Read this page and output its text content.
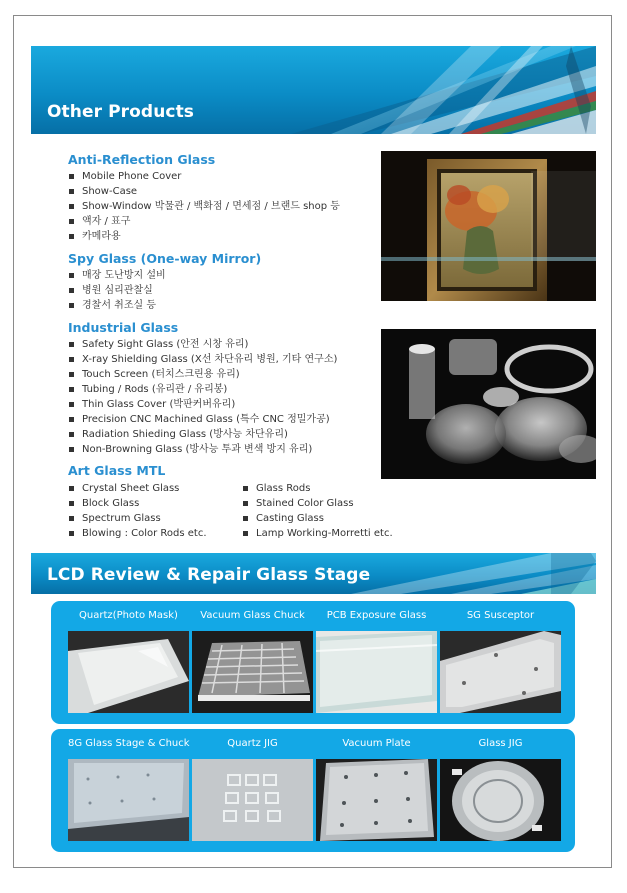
Other Products
Anti-Reflection Glass
Mobile Phone Cover
Show-Case
Show-Window 박물관 / 백화점 / 면세점 / 브랜드 shop 등
액자 / 표구
카메라용
Spy Glass (One-way Mirror)
매장 도난방지 설비
병원 심리관찰실
경찰서 취조실 등
Industrial Glass
Safety Sight Glass (안전 시창 유리)
X-ray Shielding Glass (X선 차단유리 병원, 기타 연구소)
Touch Screen (터치스크린용 유리)
Tubing / Rods (유리관 / 유리봉)
Thin Glass Cover (박판커버유리)
Precision CNC Machined Glass (특수 CNC 정밀가공)
Radiation Shieding Glass (방사능 차단유리)
Non-Browning Glass (방사능 투과 변색 방지 유리)
Art Glass MTL
Crystal Sheet Glass
Block Glass
Spectrum Glass
Blowing : Color Rods etc.
Glass Rods
Stained Color Glass
Casting Glass
Lamp Working-Morretti etc.
LCD Review & Repair Glass Stage
Quartz(Photo Mask)	Vacuum Glass Chuck	PCB Exposure Glass	SG Susceptor
8G Glass Stage & Chuck	Quartz JIG	Vacuum Plate	Glass JIG
